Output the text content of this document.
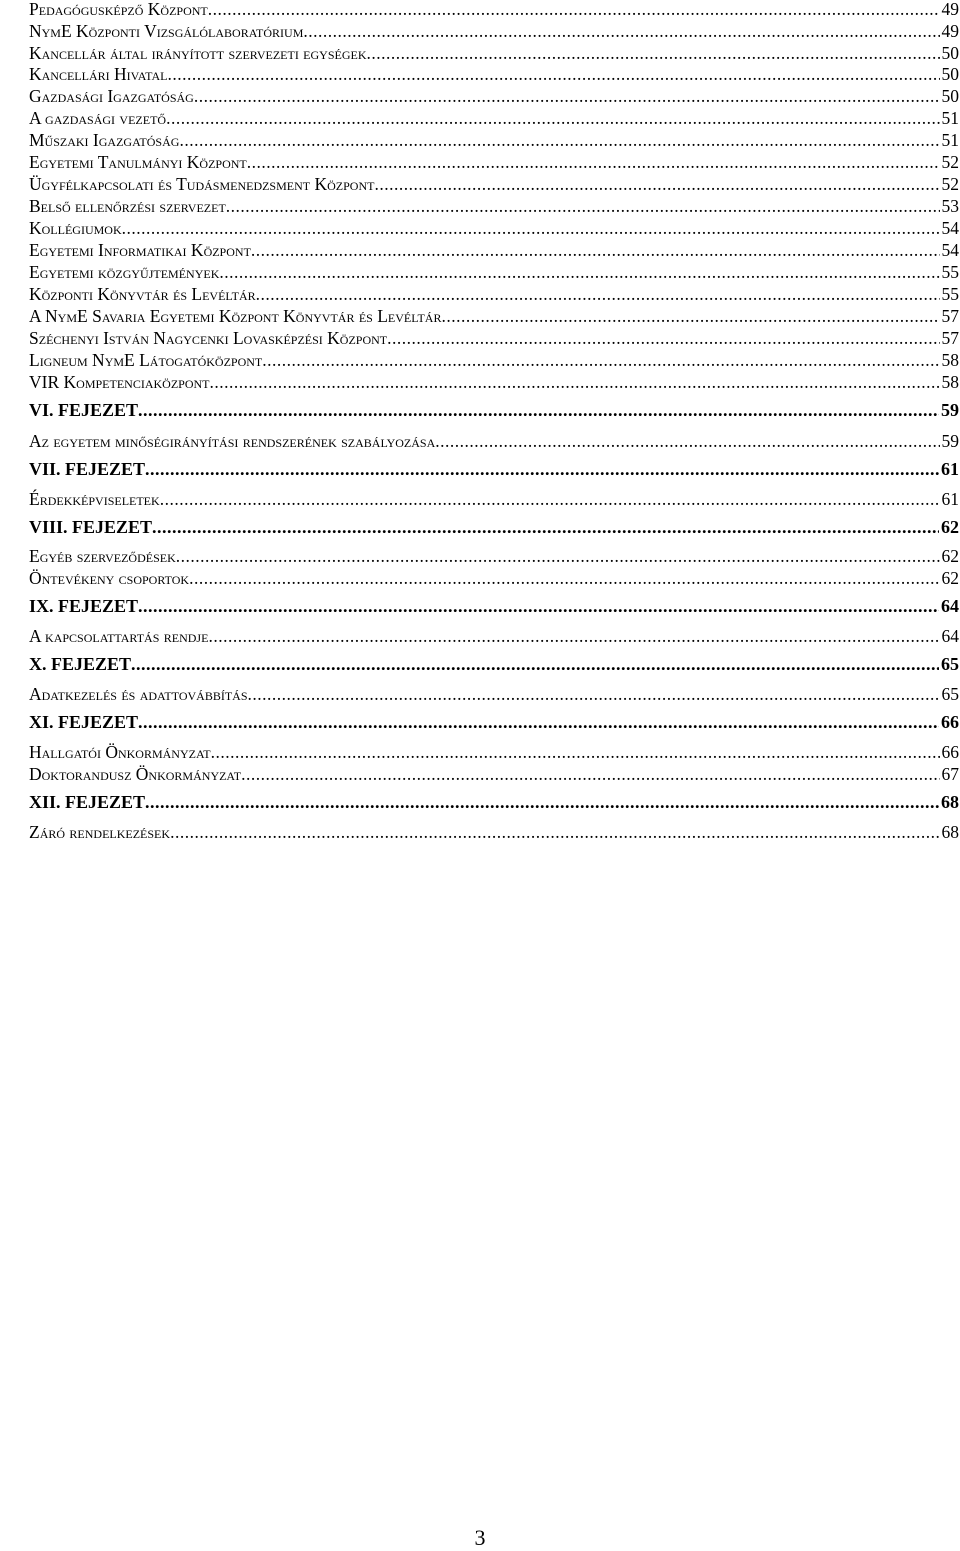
Pedagógusképző Központ .....	49
NymE Központi Vizsgálólaboratórium .....	49
Kancellár által irányított szervezeti egységek .....	50
Kancellári Hivatal .....	50
Gazdasági Igazgatóság .....	50
A gazdasági vezető .....	51
Műszaki Igazgatóság .....	51
Egyetemi Tanulmányi Központ .....	52
Ügyfélkapcsolati és Tudásmenedzsment Központ .....	52
Belső ellenőrzési szervezet .....	53
Kollégiumok .....	54
Egyetemi Informatikai Központ .....	54
Egyetemi közgyűjtemények .....	55
Központi Könyvtár és Levéltár .....	55
A NymE Savaria Egyetemi Központ Könyvtár és Levéltár .....	57
Széchenyi István Nagycenki Lovasképzési Központ .....	57
Ligneum NymE Látogatóközpont .....	58
VIR Kompetenciaközpont .....	58
VI. FEJEZET .....	59
Az egyetem minőségirányítási rendszerének szabályozása .....	59
VII. FEJEZET .....	61
Érdekképviseletek .....	61
VIII. FEJEZET .....	62
Egyéb szerveződések .....	62
Öntevékeny csoportok .....	62
IX. FEJEZET .....	64
A kapcsolattartás rendje .....	64
X. FEJEZET .....	65
Adatkezelés és adattovábbítás .....	65
XI. FEJEZET .....	66
Hallgatói Önkormányzat .....	66
Doktorandusz Önkormányzat .....	67
XII. FEJEZET .....	68
Záró rendelkezések .....	68
3
